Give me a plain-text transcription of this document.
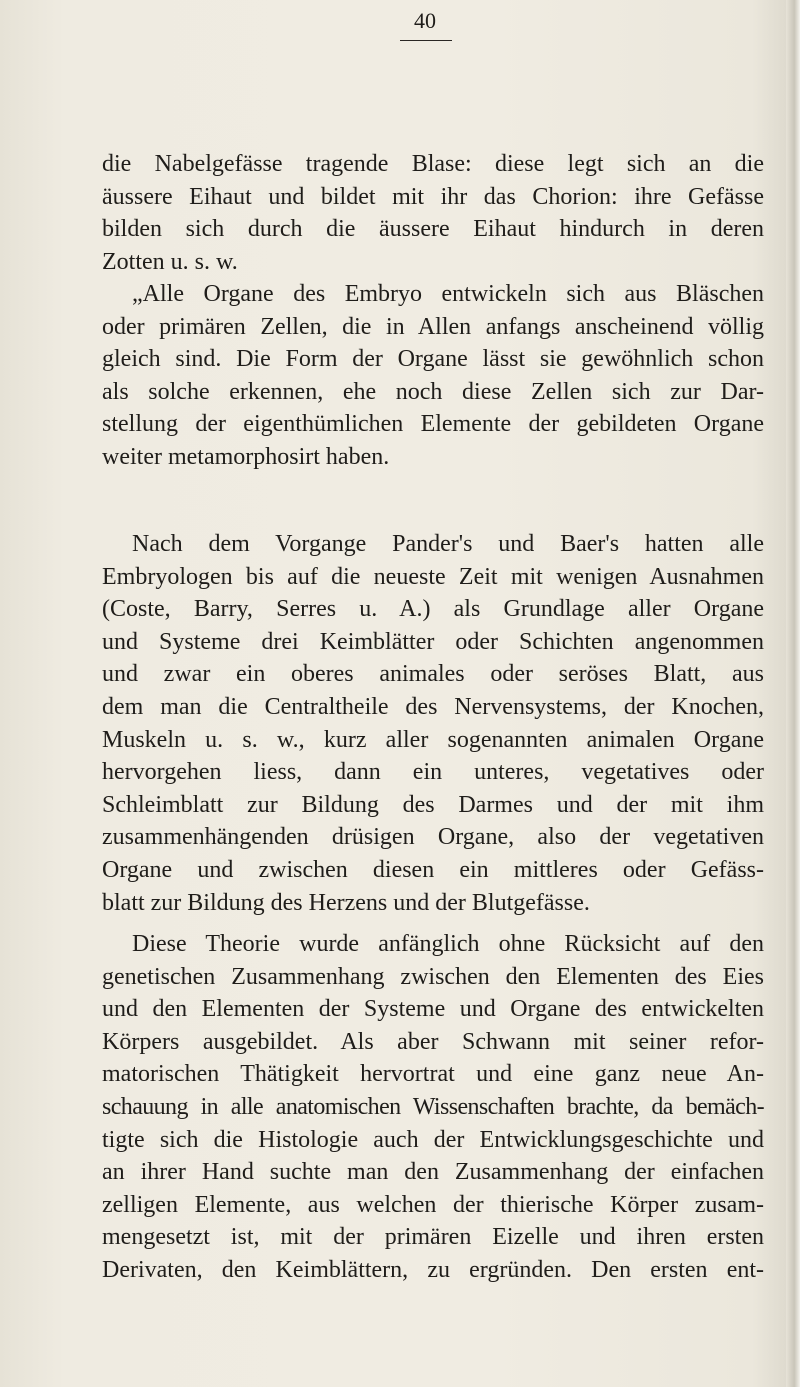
40
die Nabelgefässe tragende Blase: diese legt sich an die
äussere Eihaut und bildet mit ihr das Chorion: ihre Gefässe
bilden sich durch die äussere Eihaut hindurch in deren
Zotten u. s. w.
„Alle Organe des Embryo entwickeln sich aus Bläschen
oder primären Zellen, die in Allen anfangs anscheinend völlig
gleich sind. Die Form der Organe lässt sie gewöhnlich schon
als solche erkennen, ehe noch diese Zellen sich zur Dar-
stellung der eigenthümlichen Elemente der gebildeten Organe
weiter metamorphosirt haben.
Nach dem Vorgange Pander's und Baer's hatten alle
Embryologen bis auf die neueste Zeit mit wenigen Ausnahmen
(Coste, Barry, Serres u. A.) als Grundlage aller Organe
und Systeme drei Keimblätter oder Schichten angenommen
und zwar ein oberes animales oder seröses Blatt, aus
dem man die Centraltheile des Nervensystems, der Knochen,
Muskeln u. s. w., kurz aller sogenannten animalen Organe
hervorgehen liess, dann ein unteres, vegetatives oder
Schleimblatt zur Bildung des Darmes und der mit ihm
zusammenhängenden drüsigen Organe, also der vegetativen
Organe und zwischen diesen ein mittleres oder Gefäss-
blatt zur Bildung des Herzens und der Blutgefässe.
Diese Theorie wurde anfänglich ohne Rücksicht auf den
genetischen Zusammenhang zwischen den Elementen des Eies
und den Elementen der Systeme und Organe des entwickelten
Körpers ausgebildet. Als aber Schwann mit seiner refor-
matorischen Thätigkeit hervortrat und eine ganz neue An-
schauung in alle anatomischen Wissenschaften brachte, da bemäch-
tigte sich die Histologie auch der Entwicklungsgeschichte und
an ihrer Hand suchte man den Zusammenhang der einfachen
zelligen Elemente, aus welchen der thierische Körper zusam-
mengesetzt ist, mit der primären Eizelle und ihren ersten
Derivaten, den Keimblättern, zu ergründen. Den ersten ent-
